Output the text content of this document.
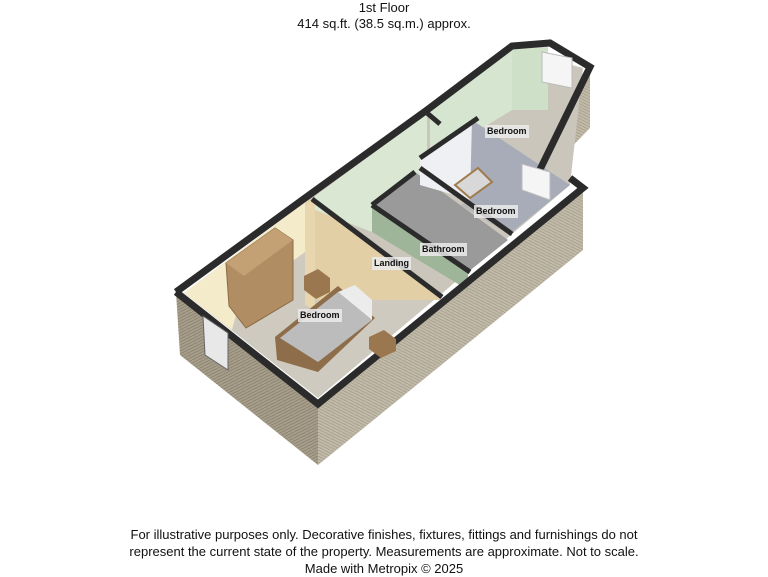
1st Floor
414 sq.ft. (38.5 sq.m.) approx.
Bedroom
Landing
Bathroom
Bedroom
Bedroom
For illustrative purposes only. Decorative finishes, fixtures, fittings and furnishings do not
represent the current state of the property. Measurements are approximate. Not to scale.
Made with Metropix © 2025
